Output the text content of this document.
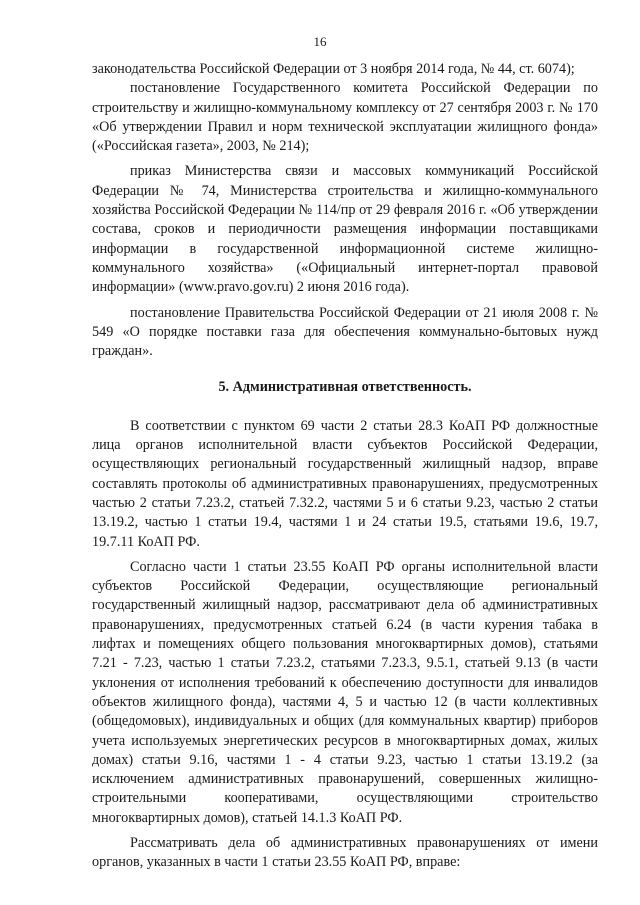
16

законодательства Российской Федерации от 3 ноября 2014 года, № 44, ст. 6074);

постановление Государственного комитета Российской Федерации по строительству и жилищно-коммунальному комплексу от 27 сентября 2003 г. № 170 «Об утверждении Правил и норм технической эксплуатации жилищного фонда» («Российская газета», 2003, № 214);

приказ Министерства связи и массовых коммуникаций Российской Федерации № 74, Министерства строительства и жилищно-коммунального хозяйства Российской Федерации № 114/пр от 29 февраля 2016 г. «Об утверждении состава, сроков и периодичности размещения информации поставщиками информации в государственной информационной системе жилищно-коммунального хозяйства» («Официальный интернет-портал правовой информации» (www.pravo.gov.ru) 2 июня 2016 года).

постановление Правительства Российской Федерации от 21 июля 2008 г. № 549 «О порядке поставки газа для обеспечения коммунально-бытовых нужд граждан».

5. Административная ответственность.

В соответствии с пунктом 69 части 2 статьи 28.3 КоАП РФ должностные лица органов исполнительной власти субъектов Российской Федерации, осуществляющих региональный государственный жилищный надзор, вправе составлять протоколы об административных правонарушениях, предусмотренных частью 2 статьи 7.23.2, статьей 7.32.2, частями 5 и 6 статьи 9.23, частью 2 статьи 13.19.2, частью 1 статьи 19.4, частями 1 и 24 статьи 19.5, статьями 19.6, 19.7, 19.7.11 КоАП РФ.

Согласно части 1 статьи 23.55 КоАП РФ органы исполнительной власти субъектов Российской Федерации, осуществляющие региональный государственный жилищный надзор, рассматривают дела об административных правонарушениях, предусмотренных статьей 6.24 (в части курения табака в лифтах и помещениях общего пользования многоквартирных домов), статьями 7.21 - 7.23, частью 1 статьи 7.23.2, статьями 7.23.3, 9.5.1, статьей 9.13 (в части уклонения от исполнения требований к обеспечению доступности для инвалидов объектов жилищного фонда), частями 4, 5 и частью 12 (в части коллективных (общедомовых), индивидуальных и общих (для коммунальных квартир) приборов учета используемых энергетических ресурсов в многоквартирных домах, жилых домах) статьи 9.16, частями 1 - 4 статьи 9.23, частью 1 статьи 13.19.2 (за исключением административных правонарушений, совершенных жилищно-строительными кооперативами, осуществляющими строительство многоквартирных домов), статьей 14.1.3 КоАП РФ.

Рассматривать дела об административных правонарушениях от имени органов, указанных в части 1 статьи 23.55 КоАП РФ, вправе:
